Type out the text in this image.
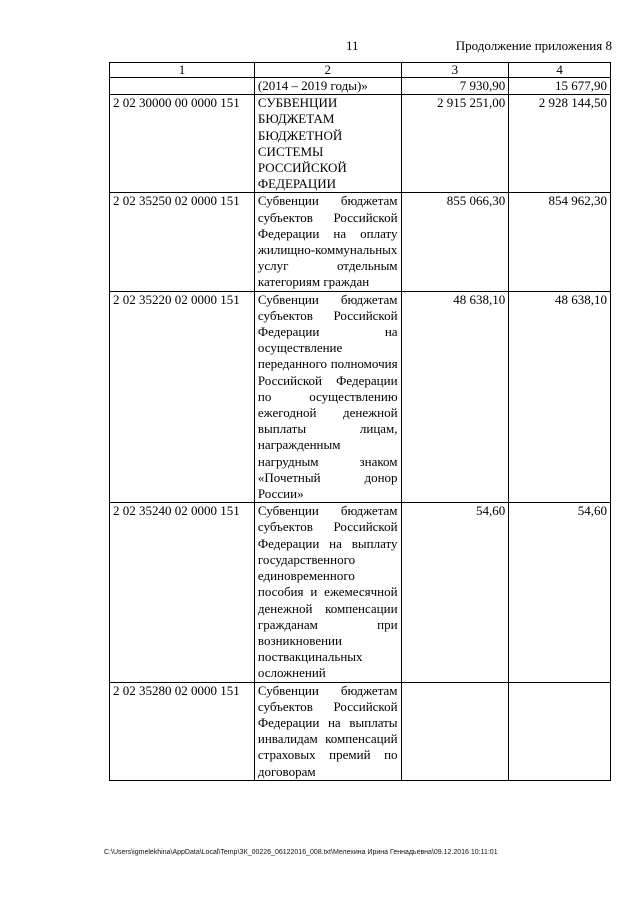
11	Продолжение приложения 8
1	2	3	4
	(2014 – 2019 годы)»	7 930,90	15 677,90
2 02 30000 00 0000 151	СУБВЕНЦИИ БЮДЖЕТАМ БЮДЖЕТНОЙ СИСТЕМЫ РОССИЙСКОЙ ФЕДЕРАЦИИ	2 915 251,00	2 928 144,50
2 02 35250 02 0000 151	Субвенции бюджетам субъектов Российской Федерации на оплату жилищно-коммунальных услуг отдельным категориям граждан	855 066,30	854 962,30
2 02 35220 02 0000 151	Субвенции бюджетам субъектов Российской Федерации на осуществление переданного полномочия Российской Федерации по осуществлению ежегодной денежной выплаты лицам, награжденным нагрудным знаком «Почетный донор России»	48 638,10	48 638,10
2 02 35240 02 0000 151	Субвенции бюджетам субъектов Российской Федерации на выплату государственного единовременного пособия и ежемесячной денежной компенсации гражданам при возникновении поствакцинальных осложнений	54,60	54,60
2 02 35280 02 0000 151	Субвенции бюджетам субъектов Российской Федерации на выплаты инвалидам компенсаций страховых премий по договорам		
C:\Users\igmelekhina\AppData\Local\Temp\ЗК_00226_06122016_008.txt\Мелехина Ирина Геннадьевна\09.12.2016 10:11:01
